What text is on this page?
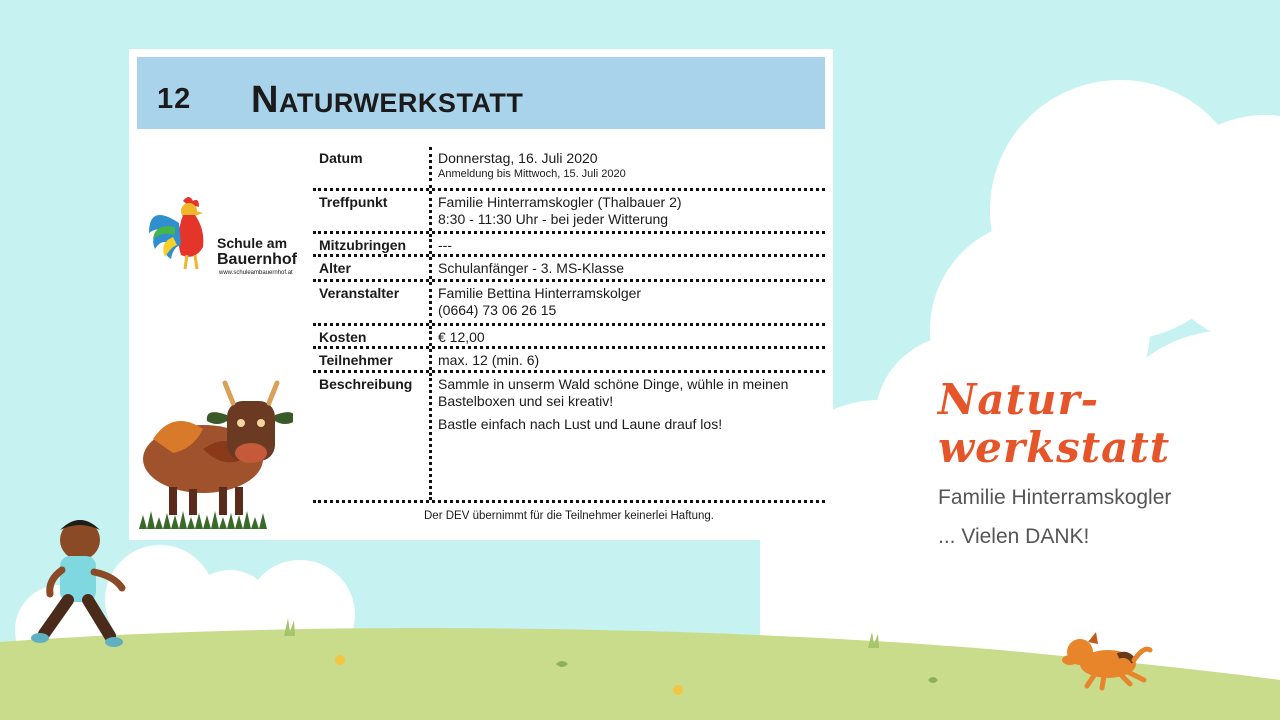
12 Naturwerkstatt
Schule am
Bauernhof
www.schuleambauernhof.at
Datum	Donnerstag, 16. Juli 2020
Anmeldung bis Mittwoch, 15. Juli 2020
Treffpunkt	Familie Hinterramskogler (Thalbauer 2)
8:30 - 11:30 Uhr - bei jeder Witterung
Mitzubringen	---
Alter	Schulanfänger - 3. MS-Klasse
Veranstalter	Familie Bettina Hinterramskolger
(0664) 73 06 26 15
Kosten	€ 12,00
Teilnehmer	max. 12 (min. 6)
Beschreibung	Sammle in unserm Wald schöne Dinge, wühle in meinen Bastelboxen und sei kreativ!

Bastle einfach nach Lust und Laune drauf los!

Der DEV übernimmt für die Teilnehmer keinerlei Haftung.
Natur-
werkstatt
Familie Hinterramskogler
... Vielen DANK!
